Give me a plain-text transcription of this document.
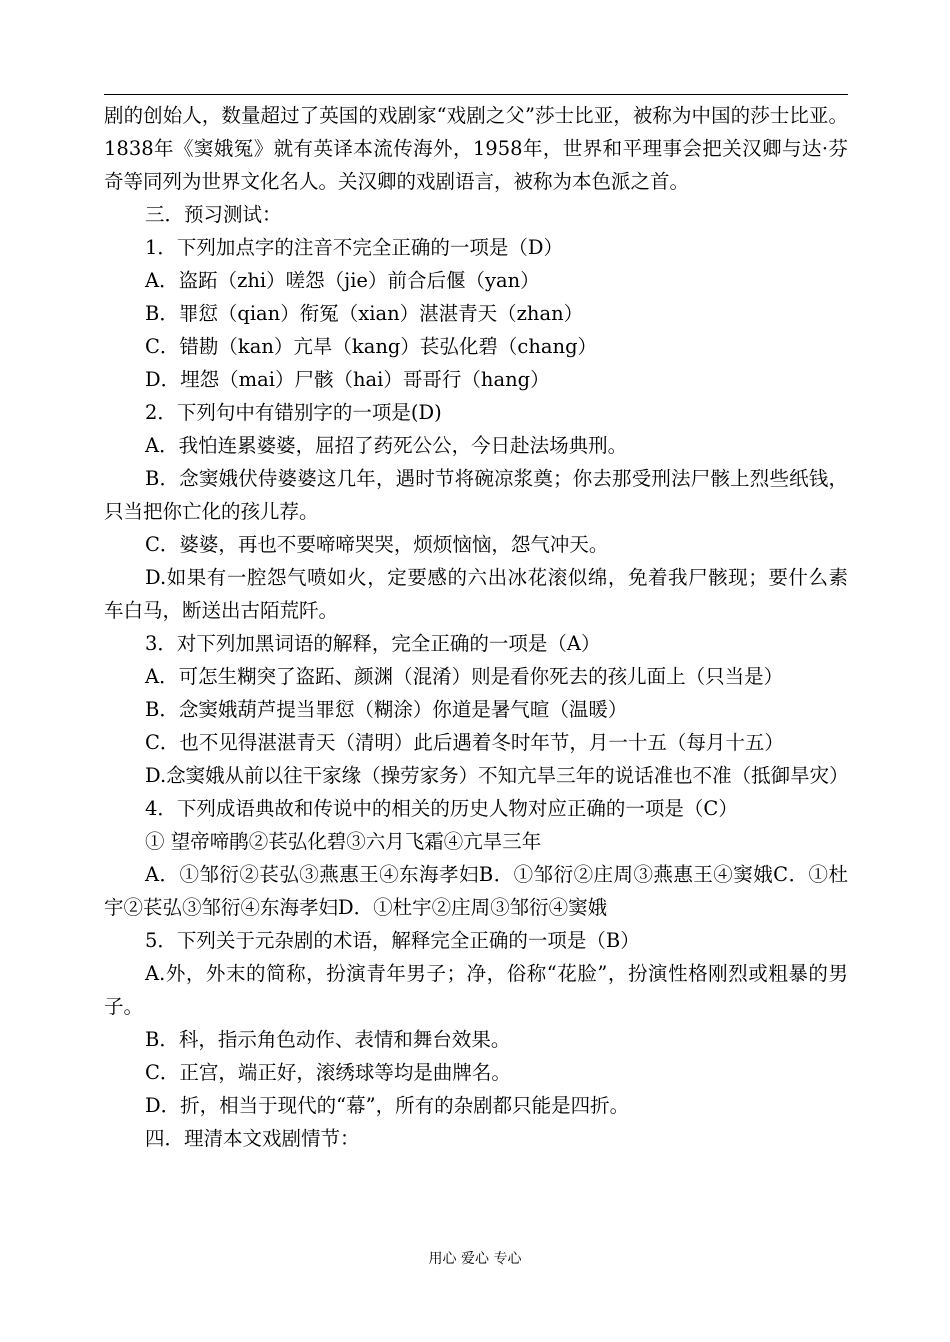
剧的创始人，数量超过了英国的戏剧家“戏剧之父”莎士比亚，被称为中国的莎士比亚。1838年《窦娥冤》就有英译本流传海外，1958年，世界和平理事会把关汉卿与达·芬奇等同列为世界文化名人。关汉卿的戏剧语言，被称为本色派之首。

三．预习测试：

1．下列加点字的注音不完全正确的一项是（D）

A．盗跖（zhi）嗟怨（jie）前合后偃（yan）

B．罪愆（qian）衔冤（xian）湛湛青天（zhan）

C．错勘（kan）亢旱（kang）苌弘化碧（chang）

D．埋怨（mai）尸骸（hai）哥哥行（hang）

2．下列句中有错别字的一项是(D)

A．我怕连累婆婆，屈招了药死公公，今日赴法场典刑。

B．念窦娥伏侍婆婆这几年，遇时节将碗凉浆奠；你去那受刑法尸骸上烈些纸钱，只当把你亡化的孩儿荐。

C．婆婆，再也不要啼啼哭哭，烦烦恼恼，怨气冲天。

D.如果有一腔怨气喷如火，定要感的六出冰花滚似绵，免着我尸骸现；要什么素车白马，断送出古陌荒阡。

3．对下列加黑词语的解释，完全正确的一项是（A）

A．可怎生糊突了盗跖、颜渊（混淆）则是看你死去的孩儿面上（只当是）

B．念窦娥葫芦提当罪愆（糊涂）你道是暑气暄（温暖）

C．也不见得湛湛青天（清明）此后遇着冬时年节，月一十五（每月十五）

D.念窦娥从前以往干家缘（操劳家务）不知亢旱三年的说话准也不准（抵御旱灾）

4．下列成语典故和传说中的相关的历史人物对应正确的一项是（C）

① 望帝啼鹃②苌弘化碧③六月飞霜④亢旱三年

A．①邹衍②苌弘③燕惠王④东海孝妇B．①邹衍②庄周③燕惠王④窦娥C．①杜宇②苌弘③邹衍④东海孝妇D．①杜宇②庄周③邹衍④窦娥

5．下列关于元杂剧的术语，解释完全正确的一项是（B）

A.外，外末的简称，扮演青年男子；净，俗称“花脸”，扮演性格刚烈或粗暴的男子。

B．科，指示角色动作、表情和舞台效果。

C．正宫，端正好，滚绣球等均是曲牌名。

D．折，相当于现代的“幕”，所有的杂剧都只能是四折。

四．理清本文戏剧情节：

用心 爱心 专心
